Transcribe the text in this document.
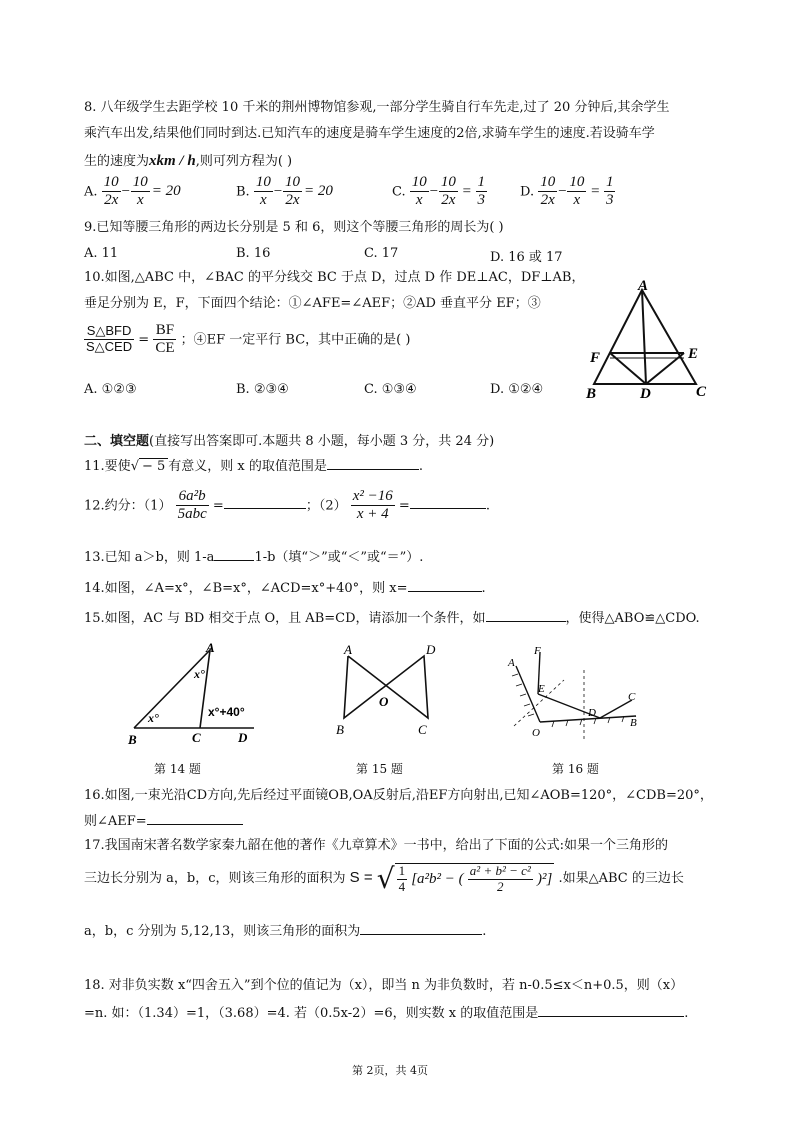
8. 八年级学生去距学校 10 千米的荆州博物馆参观,一部分学生骑自行车先走,过了 20 分钟后,其余学生
乘汽车出发,结果他们同时到达.已知汽车的速度是骑车学生速度的2倍,求骑车学生的速度.若设骑车学
生的速度为xkm / h,则可列方程为( )
A. $\frac{10}{2x} - \frac{10}{x} = 20$	B. $\frac{10}{x} - \frac{10}{2x} = 20$	C. $\frac{10}{x} - \frac{10}{2x} = \frac{1}{3}$	D. $\frac{10}{2x} - \frac{10}{x} = \frac{1}{3}$
9.已知等腰三角形的两边长分别是 5 和 6，则这个等腰三角形的周长为( )
A. 11	B. 16	C. 17	D. 16 或 17
10.如图,△ABC 中，∠BAC 的平分线交 BC 于点 D，过点 D 作 DE⊥AC，DF⊥AB，
垂足分别为 E，F，下面四个结论：①∠AFE=∠AEF；②AD 垂直平分 EF；③
$\frac{\text{S△BFD}}{\text{S△CED}} = \frac{BF}{CE}$ ；④EF 一定平行 BC，其中正确的是( )
A. ①②③	B. ②③④	C. ①③④	D. ①②④
A
F	E
B	D	C
二、填空题(直接写出答案即可.本题共 8 小题，每小题 3 分，共 24 分)
11.要使√ − 5 有意义，则 x 的取值范围是	.
12.约分：$(1) \frac{\text{6a²b}}{\text{5abc}}$ =	；$(2) \frac{\text{x² −16}}{x + 4}$ =	.
13.已知 a＞b，则 1-a	1-b（填“＞”或“＜”或“＝”）.
14.如图，∠A=x°，∠B=x°，∠ACD=x°+40°，则 x=	.
15.如图，AC 与 BD 相交于点 O，且 AB=CD，请添加一个条件，如	，使得△ABO≌△CDO.
A
x°
x°	x°+40°
B	C	D
第 14 题
A	D
O
B	C
第 15 题
F
A
E
C
D
B
O
第 16 题
16.如图,一束光沿CD方向,先后经过平面镜OB,OA反射后,沿EF方向射出,已知∠AOB=120°，∠CDB=20°，
则∠AEF=
17.我国南宋著名数学家秦九韶在他的著作《九章算术》一书中，给出了下面的公式:如果一个三角形的
三边长分别为 a，b，c，则该三角形的面积为 S = √ $\frac{1}{4} [a^2b^2$ − ( $\frac{\text{a² + b² − c²}}{2} )^2$] .如果△ABC 的三边长
a，b，c 分别为 5,12,13，则该三角形的面积为	.
18. 对非负实数 x“四舍五入”到个位的值记为（x），即当 n 为非负数时，若 n-0.5≤x＜n+0.5，则（x）
=n. 如：（1.34）=1，（3.68）=4. 若（0.5x-2）=6，则实数 x 的取值范围是	.
第 2页，共 4页
